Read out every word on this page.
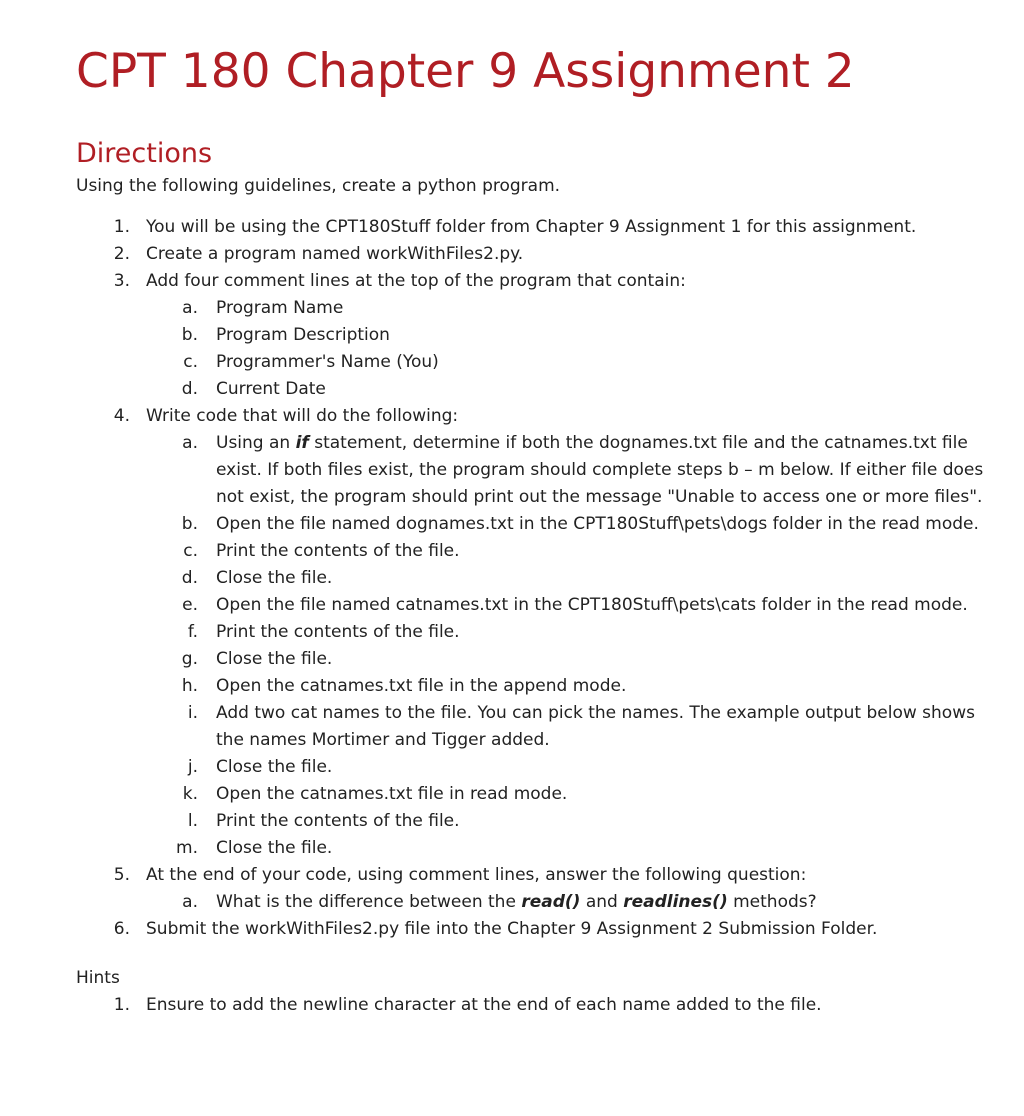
CPT 180 Chapter 9 Assignment 2
Directions
Using the following guidelines, create a python program.
1. You will be using the CPT180Stuff folder from Chapter 9 Assignment 1 for this assignment.
2. Create a program named workWithFiles2.py.
3. Add four comment lines at the top of the program that contain:
a. Program Name
b. Program Description
c. Programmer's Name (You)
d. Current Date
4. Write code that will do the following:
a. Using an if statement, determine if both the dognames.txt file and the catnames.txt file
exist. If both files exist, the program should complete steps b – m below. If either file does
not exist, the program should print out the message "Unable to access one or more files".
b. Open the file named dognames.txt in the CPT180Stuff\pets\dogs folder in the read mode.
c. Print the contents of the file.
d. Close the file.
e. Open the file named catnames.txt in the CPT180Stuff\pets\cats folder in the read mode.
f. Print the contents of the file.
g. Close the file.
h. Open the catnames.txt file in the append mode.
i. Add two cat names to the file. You can pick the names. The example output below shows
the names Mortimer and Tigger added.
j. Close the file.
k. Open the catnames.txt file in read mode.
l. Print the contents of the file.
m. Close the file.
5. At the end of your code, using comment lines, answer the following question:
a. What is the difference between the read() and readlines() methods?
6. Submit the workWithFiles2.py file into the Chapter 9 Assignment 2 Submission Folder.
Hints
1. Ensure to add the newline character at the end of each name added to the file.
